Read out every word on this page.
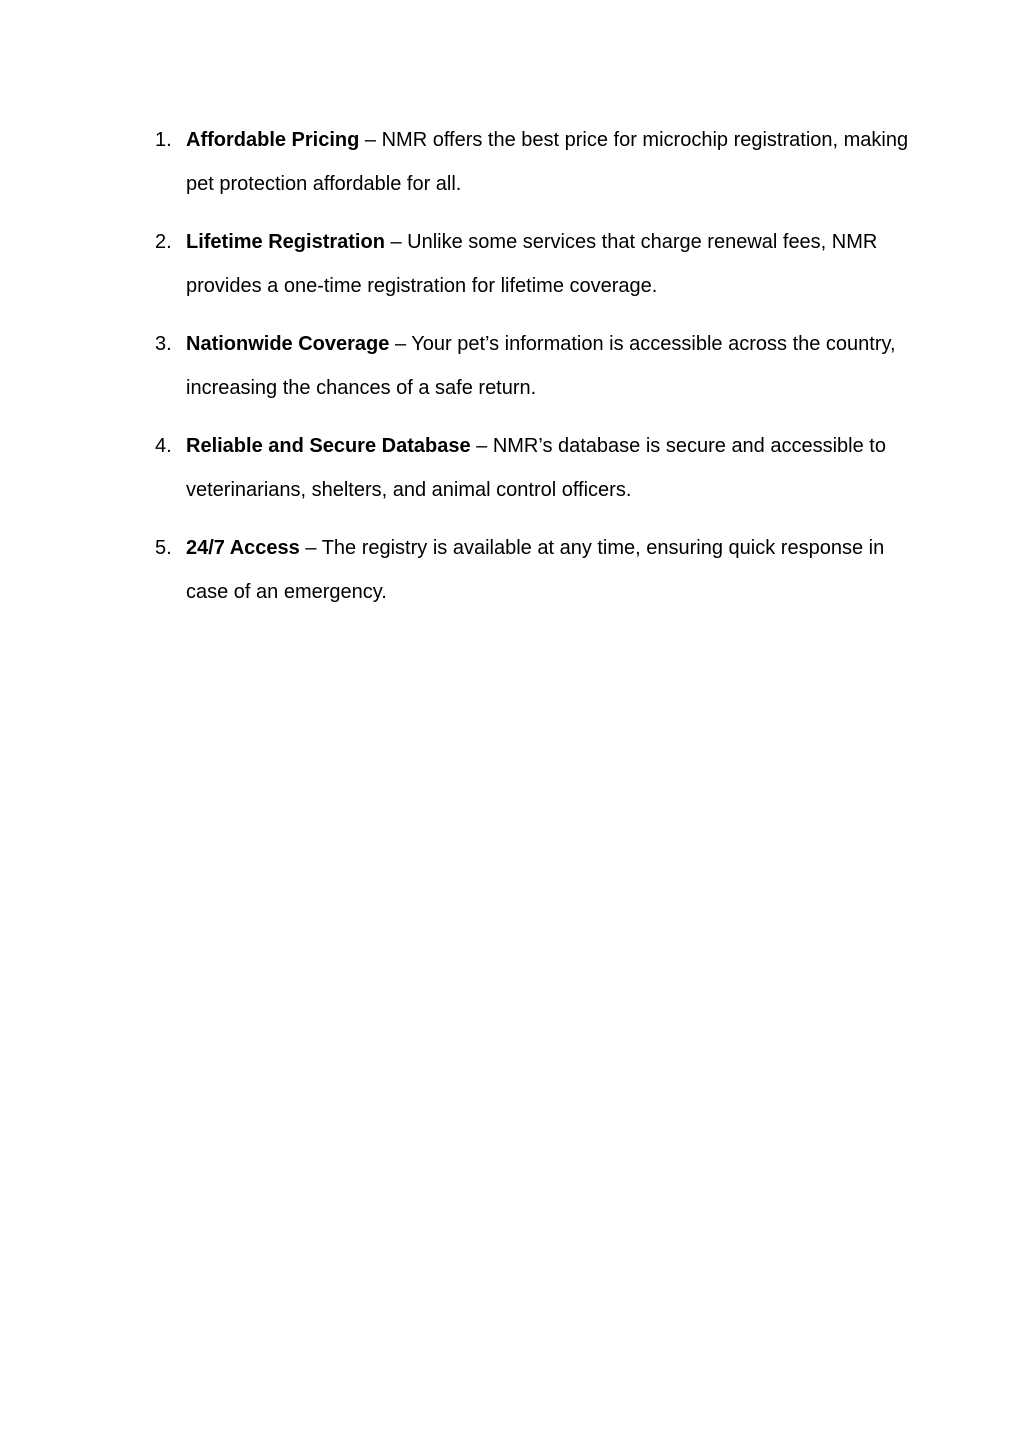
1. Affordable Pricing – NMR offers the best price for microchip registration, making pet protection affordable for all.
2. Lifetime Registration – Unlike some services that charge renewal fees, NMR provides a one-time registration for lifetime coverage.
3. Nationwide Coverage – Your pet’s information is accessible across the country, increasing the chances of a safe return.
4. Reliable and Secure Database – NMR’s database is secure and accessible to veterinarians, shelters, and animal control officers.
5. 24/7 Access – The registry is available at any time, ensuring quick response in case of an emergency.
